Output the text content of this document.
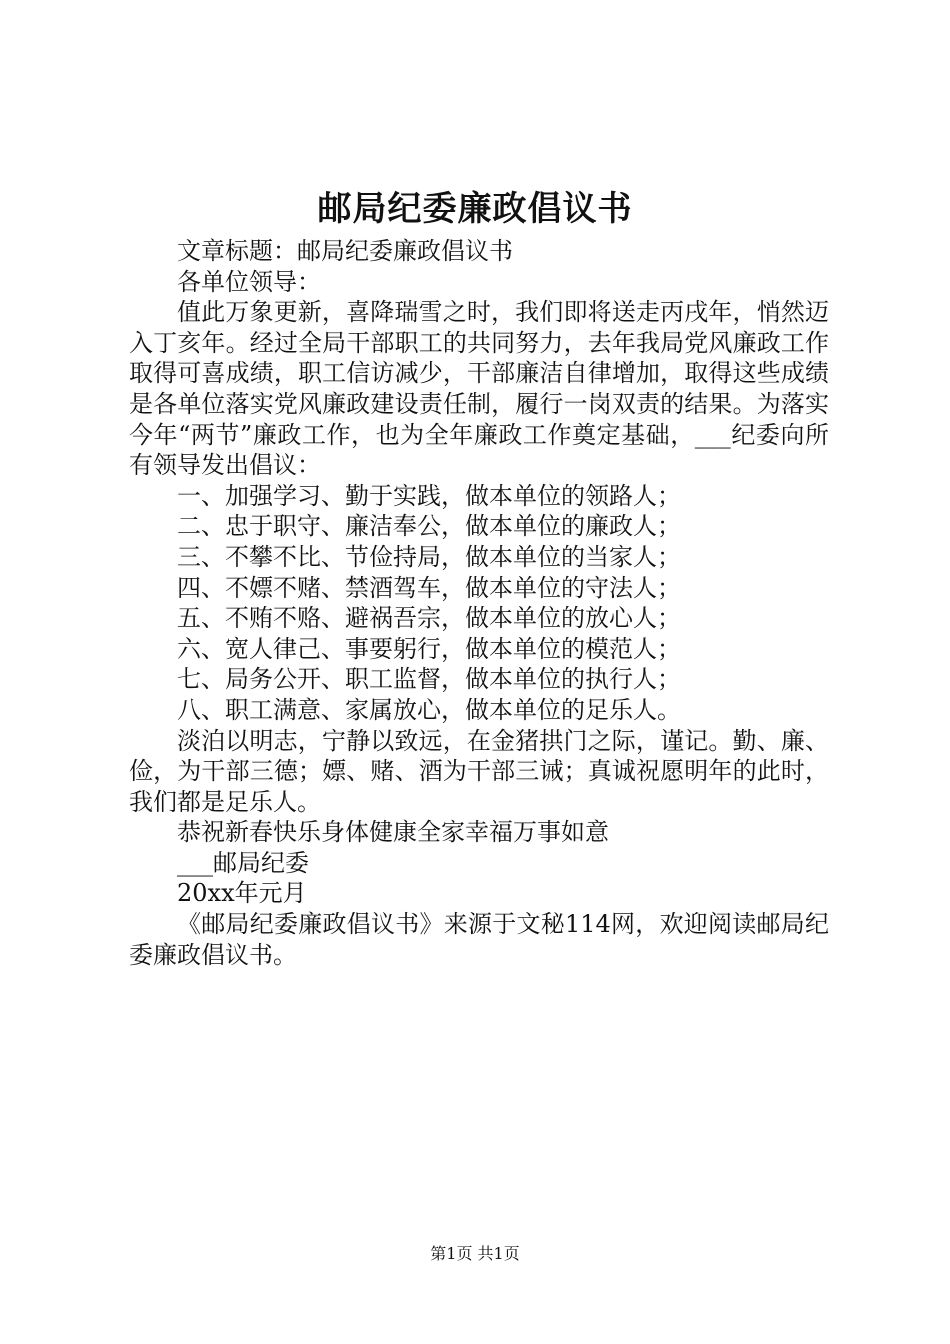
邮局纪委廉政倡议书

文章标题：邮局纪委廉政倡议书

各单位领导：

值此万象更新，喜降瑞雪之时，我们即将送走丙戌年，悄然迈入丁亥年。经过全局干部职工的共同努力，去年我局党风廉政工作取得可喜成绩，职工信访减少，干部廉洁自律增加，取得这些成绩是各单位落实党风廉政建设责任制，履行一岗双责的结果。为落实今年“两节”廉政工作，也为全年廉政工作奠定基础，___纪委向所有领导发出倡议：

一、加强学习、勤于实践，做本单位的领路人；

二、忠于职守、廉洁奉公，做本单位的廉政人；

三、不攀不比、节俭持局，做本单位的当家人；

四、不嫖不赌、禁酒驾车，做本单位的守法人；

五、不贿不赂、避祸吾宗，做本单位的放心人；

六、宽人律己、事要躬行，做本单位的模范人；

七、局务公开、职工监督，做本单位的执行人；

八、职工满意、家属放心，做本单位的足乐人。

淡泊以明志，宁静以致远，在金猪拱门之际，谨记。勤、廉、俭，为干部三德；嫖、赌、酒为干部三诫；真诚祝愿明年的此时，我们都是足乐人。

恭祝新春快乐身体健康全家幸福万事如意

___邮局纪委

20xx年元月

《邮局纪委廉政倡议书》来源于文秘114网，欢迎阅读邮局纪委廉政倡议书。

第1页 共1页
